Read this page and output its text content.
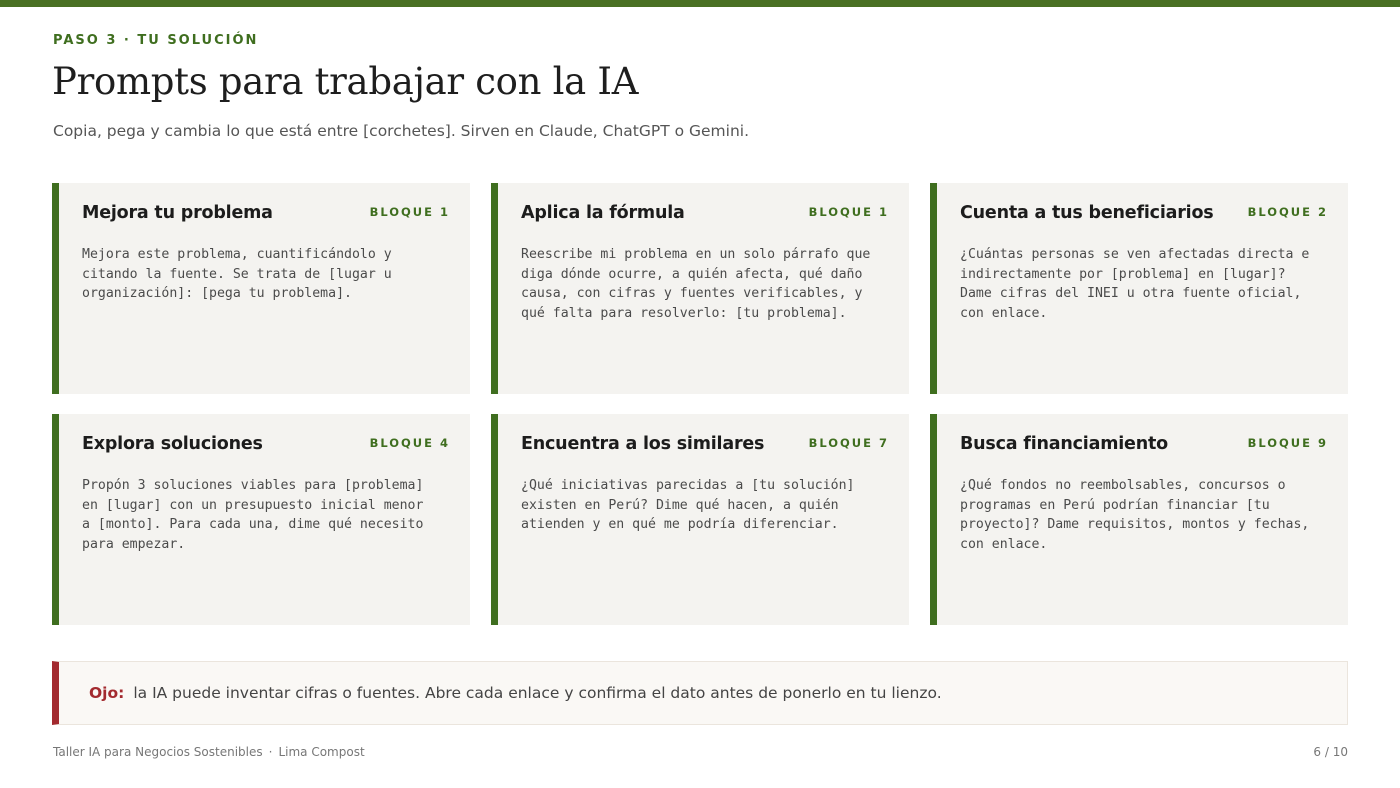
PASO 3 · TU SOLUCIÓN
Prompts para trabajar con la IA

Copia, pega y cambia lo que está entre [corchetes]. Sirven en Claude, ChatGPT o Gemini.

Mejora tu problema	BLOQUE 1

Mejora este problema, cuantificándolo y citando la fuente. Se trata de [lugar u organización]: [pega tu problema].

Aplica la fórmula	BLOQUE 1

Reescribe mi problema en un solo párrafo que diga dónde ocurre, a quién afecta, qué daño causa, con cifras y fuentes verificables, y qué falta para resolverlo: [tu problema].

Cuenta a tus beneficiarios	BLOQUE 2

¿Cuántas personas se ven afectadas directa e indirectamente por [problema] en [lugar]? Dame cifras del INEI u otra fuente oficial, con enlace.

Explora soluciones	BLOQUE 4

Propón 3 soluciones viables para [problema] en [lugar] con un presupuesto inicial menor a [monto]. Para cada una, dime qué necesito para empezar.

Encuentra a los similares	BLOQUE 7

¿Qué iniciativas parecidas a [tu solución] existen en Perú? Dime qué hacen, a quién atienden y en qué me podría diferenciar.

Busca financiamiento	BLOQUE 9

¿Qué fondos no reembolsables, concursos o programas en Perú podrían financiar [tu proyecto]? Dame requisitos, montos y fechas, con enlace.

Ojo: la IA puede inventar cifras o fuentes. Abre cada enlace y confirma el dato antes de ponerlo en tu lienzo.
Taller IA para Negocios Sostenibles · Lima Compost	6 / 10
